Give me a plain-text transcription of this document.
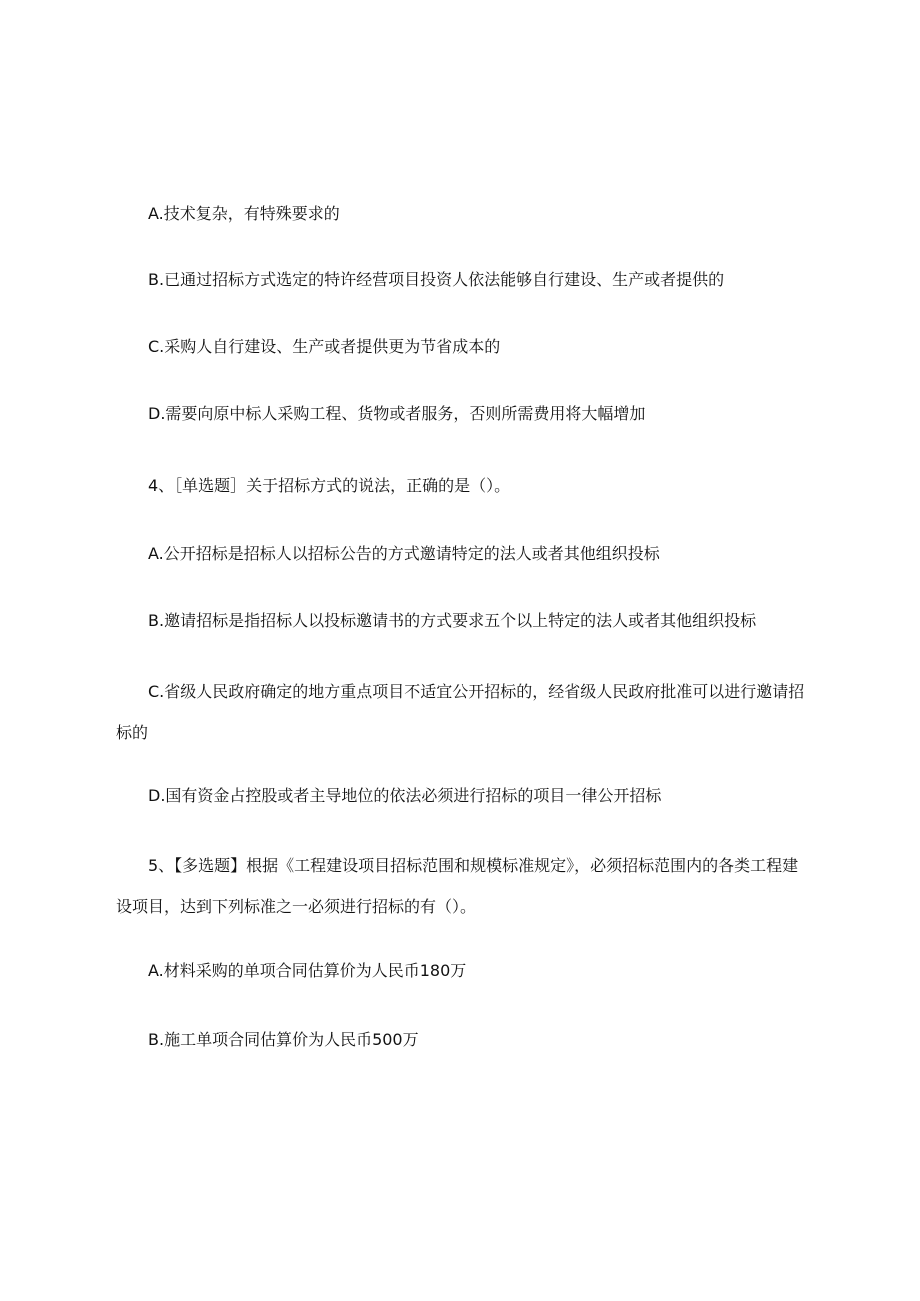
A.技术复杂，有特殊要求的
B.已通过招标方式选定的特许经营项目投资人依法能够自行建设、生产或者提供的
C.采购人自行建设、生产或者提供更为节省成本的
D.需要向原中标人采购工程、货物或者服务，否则所需费用将大幅增加
4、［单选题］关于招标方式的说法，正确的是（）。
A.公开招标是招标人以招标公告的方式邀请特定的法人或者其他组织投标
B.邀请招标是指招标人以投标邀请书的方式要求五个以上特定的法人或者其他组织投标
C.省级人民政府确定的地方重点项目不适宜公开招标的，经省级人民政府批准可以进行邀请招标的
D.国有资金占控股或者主导地位的依法必须进行招标的项目一律公开招标
5、【多选题】根据《工程建设项目招标范围和规模标准规定》，必须招标范围内的各类工程建设项目，达到下列标准之一必须进行招标的有（）。
A.材料采购的单项合同估算价为人民币180万
B.施工单项合同估算价为人民币500万
